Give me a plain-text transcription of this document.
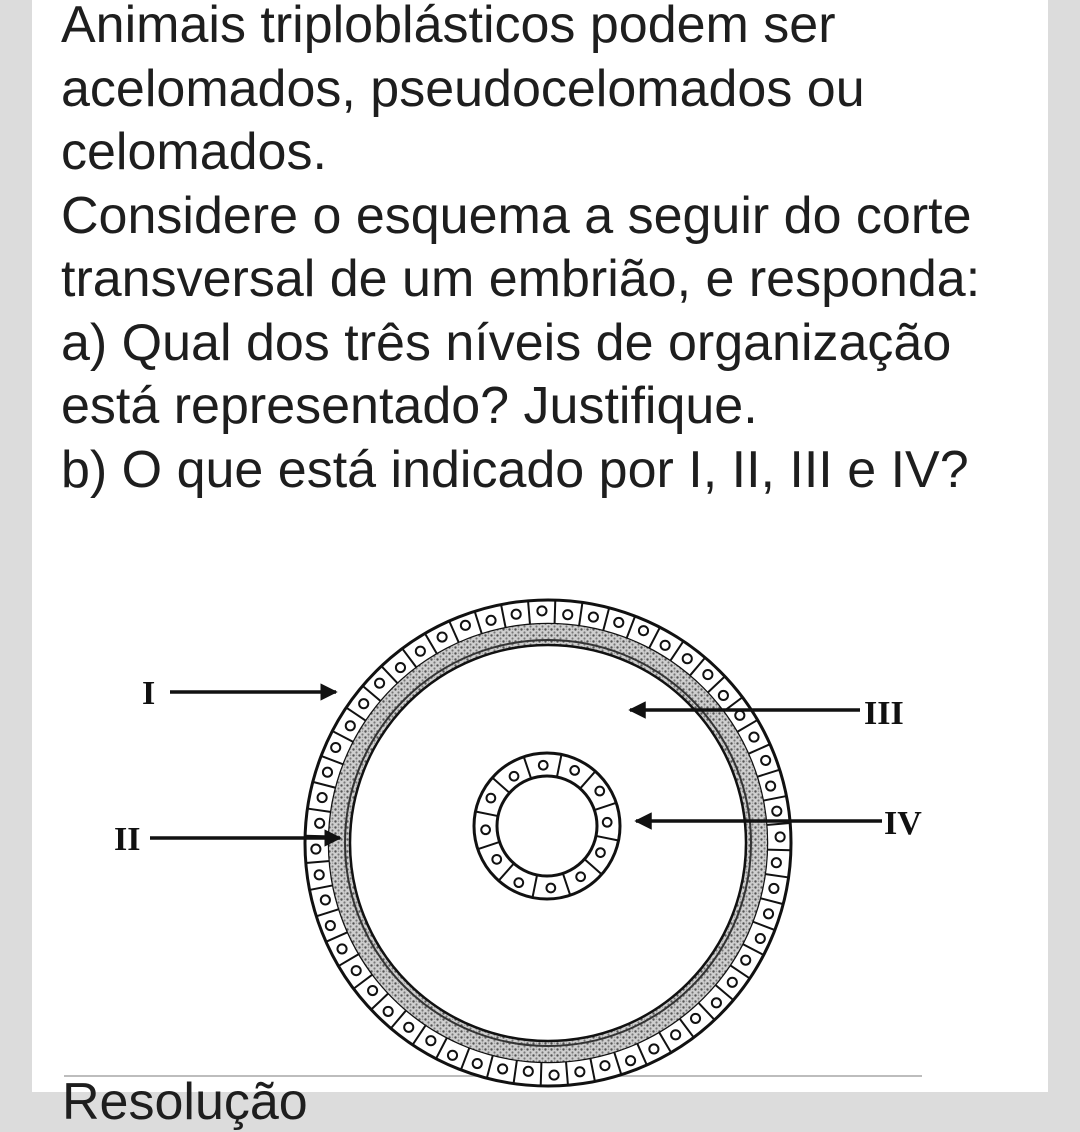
Animais triploblásticos podem ser
acelomados, pseudocelomados ou
celomados.
Considere o esquema a seguir do corte
transversal de um embrião, e responda:
a) Qual dos três níveis de organização
está representado? Justifique.
b) O que está indicado por I, II, III e IV?
I
II
III
IV
Resolução
